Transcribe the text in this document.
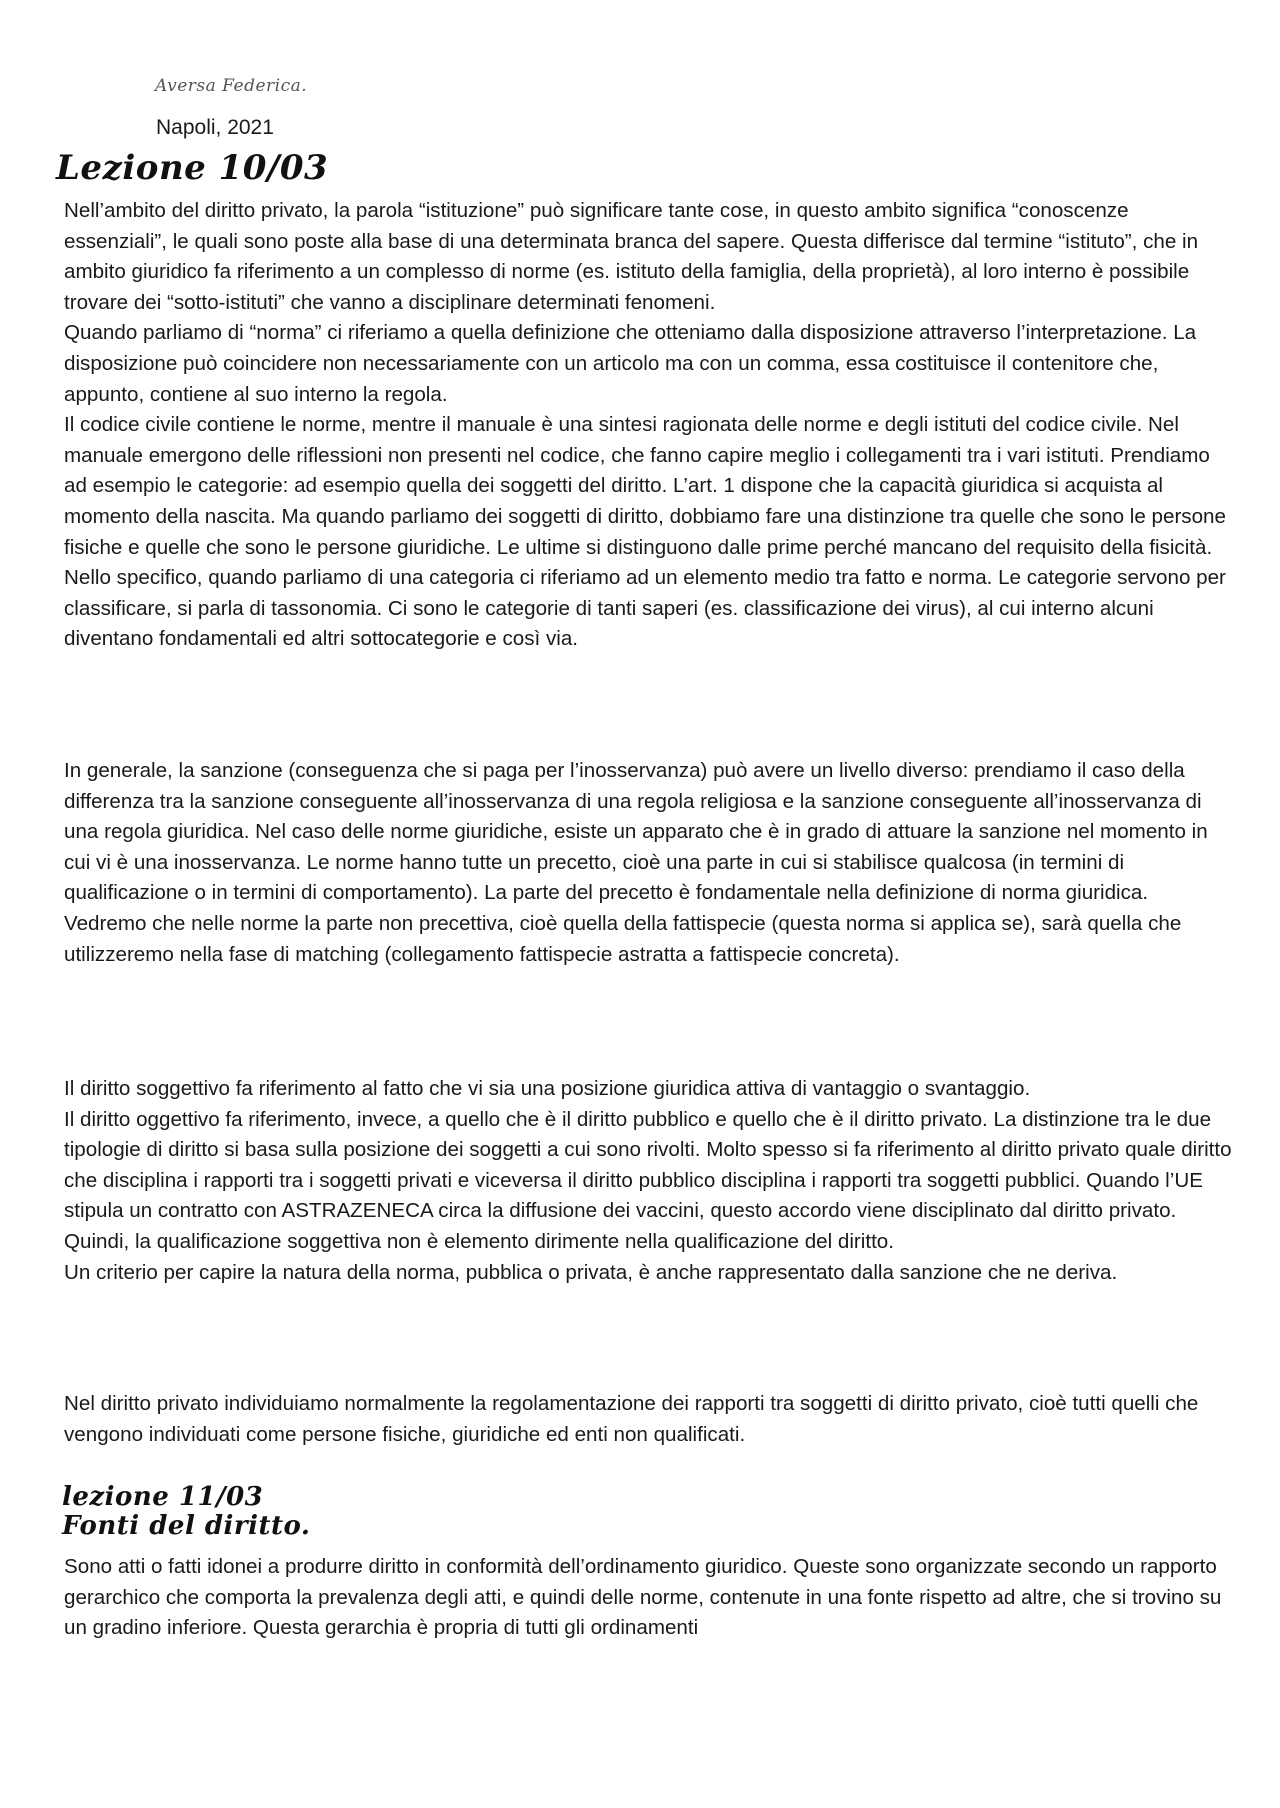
Aversa Federica.
Napoli, 2021
Lezione 10/03

Nell’ambito del diritto privato, la parola “istituzione” può significare tante cose, in questo ambito significa “conoscenze essenziali”, le quali sono poste alla base di una determinata branca del sapere. Questa differisce dal termine “istituto”, che in ambito giuridico fa riferimento a un complesso di norme (es. istituto della famiglia, della proprietà), al loro interno è possibile trovare dei “sotto-istituti” che vanno a disciplinare determinati fenomeni.

Quando parliamo di “norma” ci riferiamo a quella definizione che otteniamo dalla disposizione attraverso l’interpretazione. La disposizione può coincidere non necessariamente con un articolo ma con un comma, essa costituisce il contenitore che, appunto, contiene al suo interno la regola.

Il codice civile contiene le norme, mentre il manuale è una sintesi ragionata delle norme e degli istituti del codice civile. Nel manuale emergono delle riflessioni non presenti nel codice, che fanno capire meglio i collegamenti tra i vari istituti. Prendiamo ad esempio le categorie: ad esempio quella dei soggetti del diritto. L’art. 1 dispone che la capacità giuridica si acquista al momento della nascita. Ma quando parliamo dei soggetti di diritto, dobbiamo fare una distinzione tra quelle che sono le persone fisiche e quelle che sono le persone giuridiche. Le ultime si distinguono dalle prime perché mancano del requisito della fisicità.

Nello specifico, quando parliamo di una categoria ci riferiamo ad un elemento medio tra fatto e norma. Le categorie servono per classificare, si parla di tassonomia. Ci sono le categorie di tanti saperi (es. classificazione dei virus), al cui interno alcuni diventano fondamentali ed altri sottocategorie e così via.

In generale, la sanzione (conseguenza che si paga per l’inosservanza) può avere un livello diverso: prendiamo il caso della differenza tra la sanzione conseguente all’inosservanza di una regola religiosa e la sanzione conseguente all’inosservanza di una regola giuridica. Nel caso delle norme giuridiche, esiste un apparato che è in grado di attuare la sanzione nel momento in cui vi è una inosservanza. Le norme hanno tutte un precetto, cioè una parte in cui si stabilisce qualcosa (in termini di qualificazione o in termini di comportamento). La parte del precetto è fondamentale nella definizione di norma giuridica. Vedremo che nelle norme la parte non precettiva, cioè quella della fattispecie (questa norma si applica se), sarà quella che utilizzeremo nella fase di matching (collegamento fattispecie astratta a fattispecie concreta).

Il diritto soggettivo fa riferimento al fatto che vi sia una posizione giuridica attiva di vantaggio o svantaggio.

Il diritto oggettivo fa riferimento, invece, a quello che è il diritto pubblico e quello che è il diritto privato. La distinzione tra le due tipologie di diritto si basa sulla posizione dei soggetti a cui sono rivolti. Molto spesso si fa riferimento al diritto privato quale diritto che disciplina i rapporti tra i soggetti privati e viceversa il diritto pubblico disciplina i rapporti tra soggetti pubblici. Quando l’UE stipula un contratto con ASTRAZENECA circa la diffusione dei vaccini, questo accordo viene disciplinato dal diritto privato. Quindi, la qualificazione soggettiva non è elemento dirimente nella qualificazione del diritto.

Un criterio per capire la natura della norma, pubblica o privata, è anche rappresentato dalla sanzione che ne deriva.

Nel diritto privato individuiamo normalmente la regolamentazione dei rapporti tra soggetti di diritto privato, cioè tutti quelli che vengono individuati come persone fisiche, giuridiche ed enti non qualificati.

lezione 11/03
Fonti del diritto.

Sono atti o fatti idonei a produrre diritto in conformità dell’ordinamento giuridico. Queste sono organizzate secondo un rapporto gerarchico che comporta la prevalenza degli atti, e quindi delle norme, contenute in una fonte rispetto ad altre, che si trovino su un gradino inferiore. Questa gerarchia è propria di tutti gli ordinamenti
